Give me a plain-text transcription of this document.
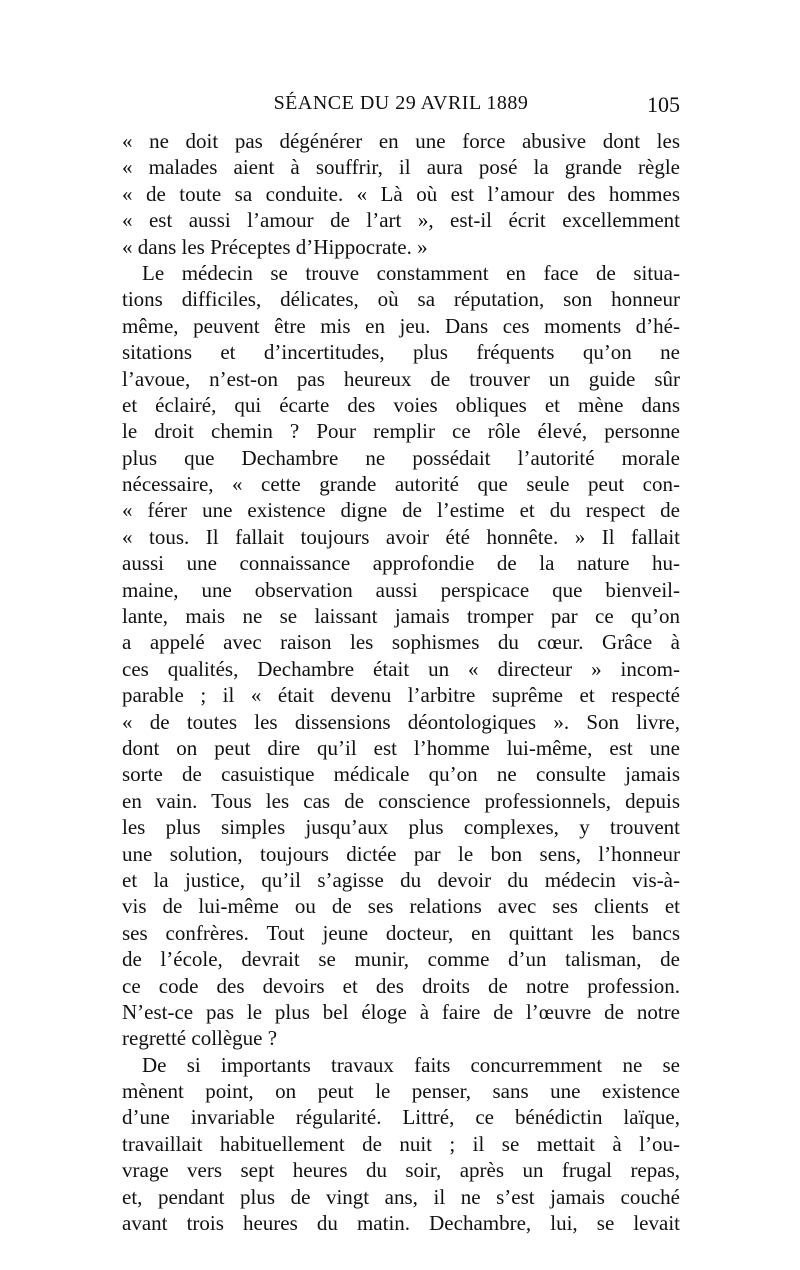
SÉANCE DU 29 AVRIL 1889	105
« ne doit pas dégénérer en une force abusive dont les
« malades aient à souffrir, il aura posé la grande règle
« de toute sa conduite. « Là où est l’amour des hommes
« est aussi l’amour de l’art », est-il écrit excellemment
« dans les Préceptes d’Hippocrate. »
Le médecin se trouve constamment en face de situa-
tions difficiles, délicates, où sa réputation, son honneur
même, peuvent être mis en jeu. Dans ces moments d’hé-
sitations et d’incertitudes, plus fréquents qu’on ne
l’avoue, n’est-on pas heureux de trouver un guide sûr
et éclairé, qui écarte des voies obliques et mène dans
le droit chemin ? Pour remplir ce rôle élevé, personne
plus que Dechambre ne possédait l’autorité morale
nécessaire, « cette grande autorité que seule peut con-
« férer une existence digne de l’estime et du respect de
« tous. Il fallait toujours avoir été honnête. » Il fallait
aussi une connaissance approfondie de la nature hu-
maine, une observation aussi perspicace que bienveil-
lante, mais ne se laissant jamais tromper par ce qu’on
a appelé avec raison les sophismes du cœur. Grâce à
ces qualités, Dechambre était un « directeur » incom-
parable ; il « était devenu l’arbitre suprême et respecté
« de toutes les dissensions déontologiques ». Son livre,
dont on peut dire qu’il est l’homme lui-même, est une
sorte de casuistique médicale qu’on ne consulte jamais
en vain. Tous les cas de conscience professionnels, depuis
les plus simples jusqu’aux plus complexes, y trouvent
une solution, toujours dictée par le bon sens, l’honneur
et la justice, qu’il s’agisse du devoir du médecin vis-à-
vis de lui-même ou de ses relations avec ses clients et
ses confrères. Tout jeune docteur, en quittant les bancs
de l’école, devrait se munir, comme d’un talisman, de
ce code des devoirs et des droits de notre profession.
N’est-ce pas le plus bel éloge à faire de l’œuvre de notre
regretté collègue ?
De si importants travaux faits concurremment ne se
mènent point, on peut le penser, sans une existence
d’une invariable régularité. Littré, ce bénédictin laïque,
travaillait habituellement de nuit ; il se mettait à l’ou-
vrage vers sept heures du soir, après un frugal repas,
et, pendant plus de vingt ans, il ne s’est jamais couché
avant trois heures du matin. Dechambre, lui, se levait
